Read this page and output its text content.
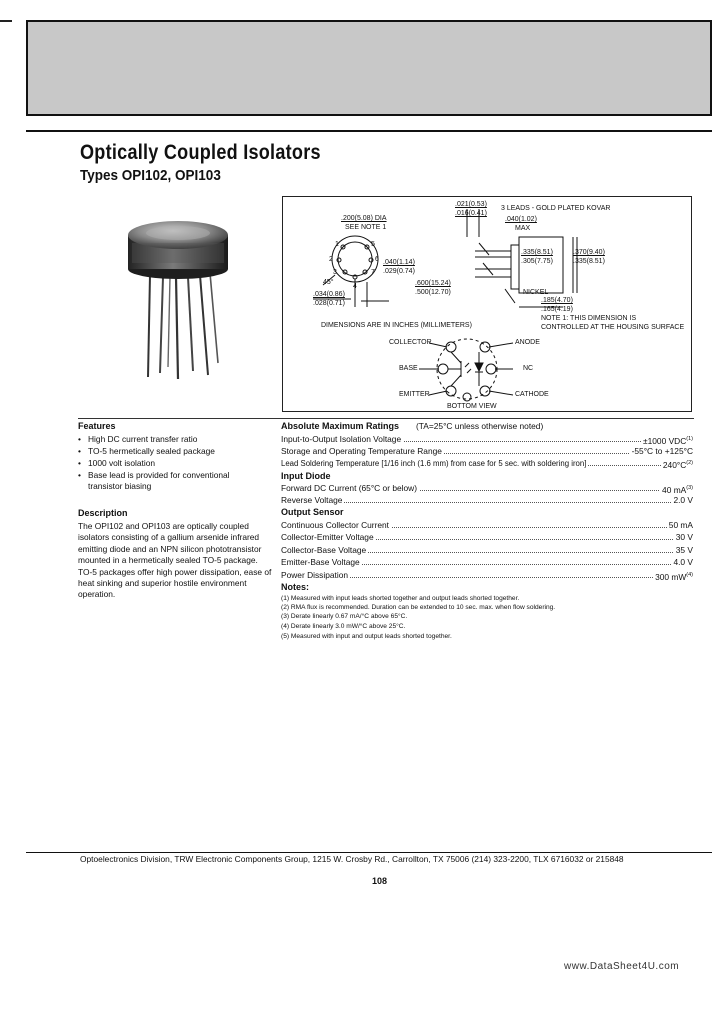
Optically Coupled Isolators
Types OPI102, OPI103
.021(0.53)
.016(0.41)
3 LEADS - GOLD PLATED KOVAR
.040(1.02)
MAX
.200(5.08) DIA
SEE NOTE 1
1	5
2	6
3	7
4
.335(8.51)
.305(7.75)
.370(9.40)
.335(8.51)
45°
.040(1.14)
.029(0.74)
.600(15.24)
.500(12.70)
.034(0.86)
.028(0.71)
NICKEL
.185(4.70)
.165(4.19)
NOTE 1: THIS DIMENSION IS
CONTROLLED AT THE HOUSING SURFACE
DIMENSIONS ARE IN INCHES (MILLIMETERS)
COLLECTOR	ANODE
BASE	NC
EMITTER	CATHODE
BOTTOM VIEW
Features
• High DC current transfer ratio
• TO-5 hermetically sealed package
• 1000 volt isolation
• Base lead is provided for conventional transistor biasing
Description
The OPI102 and OPI103 are optically coupled isolators consisting of a gallium arsenide infrared emitting diode and an NPN silicon phototransistor mounted in a hermetically sealed TO-5 package. TO-5 packages offer high power dissipation, ease of heat sinking and superior hostile environment operation.
Absolute Maximum Ratings (TA=25°C unless otherwise noted)
Input-to-Output Isolation Voltage	±1000 VDC$^{(1)}$
Storage and Operating Temperature Range	-55°C to +125°C
Lead Soldering Temperature [1/16 inch (1.6 mm) from case for 5 sec. with soldering iron]	$240^\circ C^{(2)}$
Input Diode
Forward DC Current (65°C or below)	40 $mA^{(3)}$
Reverse Voltage	2.0 V
Output Sensor
Continuous Collector Current	50 mA
Collector-Emitter Voltage	30 V
Collector-Base Voltage	35 V
Emitter-Base Voltage	4.0 V
Power Dissipation	300 $mW^{(4)}$
Notes:
(1) Measured with input leads shorted together and output leads shorted together.
(2) RMA flux is recommended. Duration can be extended to 10 sec. max. when flow soldering.
(3) Derate linearly 0.67 mA/°C above 65°C.
(4) Derate linearly 3.0 mW/°C above 25°C.
(5) Measured with input and output leads shorted together.
Optoelectronics Division, TRW Electronic Components Group, 1215 W. Crosby Rd., Carrollton, TX 75006 (214) 323-2200, TLX 6716032 or 215848
108
www.DataSheet4U.com
